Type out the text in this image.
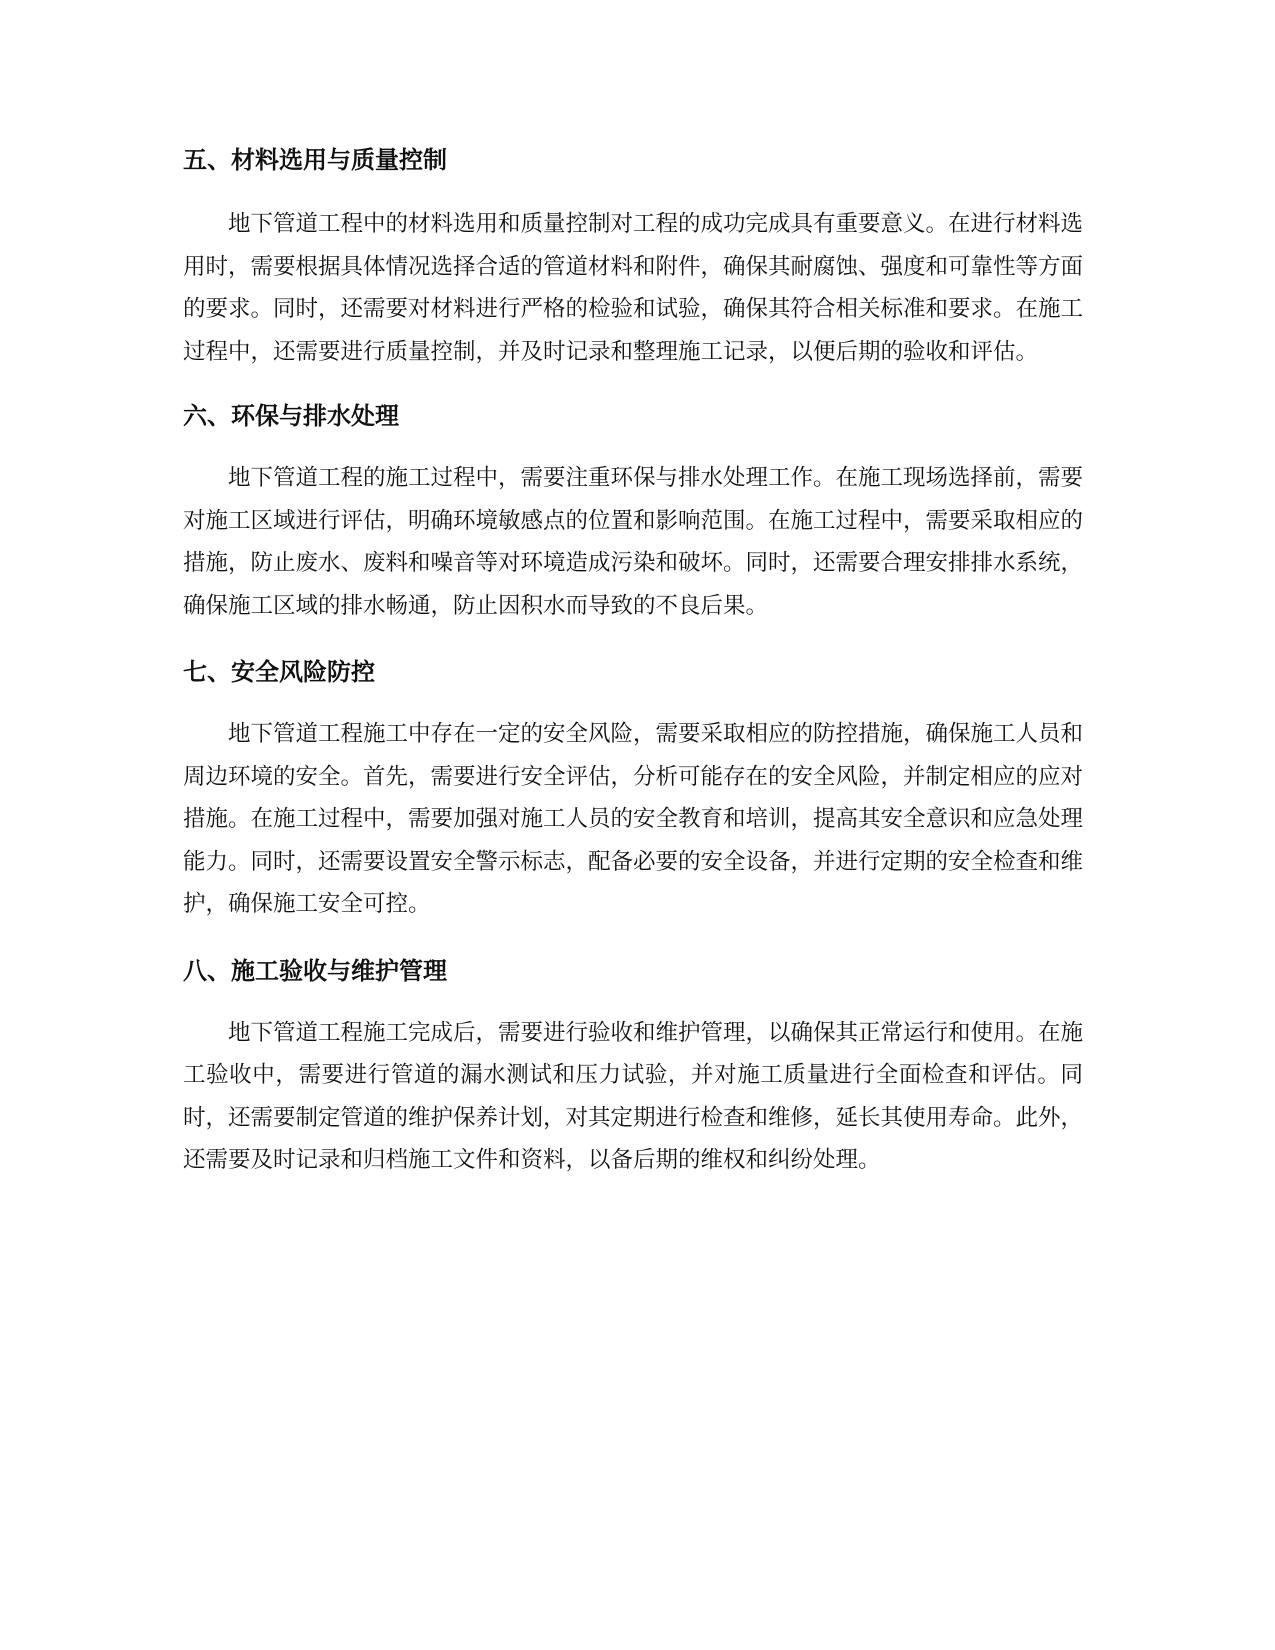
五、材料选用与质量控制

地下管道工程中的材料选用和质量控制对工程的成功完成具有重要意义。在进行材料选用时，需要根据具体情况选择合适的管道材料和附件，确保其耐腐蚀、强度和可靠性等方面的要求。同时，还需要对材料进行严格的检验和试验，确保其符合相关标准和要求。在施工过程中，还需要进行质量控制，并及时记录和整理施工记录，以便后期的验收和评估。

六、环保与排水处理

地下管道工程的施工过程中，需要注重环保与排水处理工作。在施工现场选择前，需要对施工区域进行评估，明确环境敏感点的位置和影响范围。在施工过程中，需要采取相应的措施，防止废水、废料和噪音等对环境造成污染和破坏。同时，还需要合理安排排水系统，确保施工区域的排水畅通，防止因积水而导致的不良后果。

七、安全风险防控

地下管道工程施工中存在一定的安全风险，需要采取相应的防控措施，确保施工人员和周边环境的安全。首先，需要进行安全评估，分析可能存在的安全风险，并制定相应的应对措施。在施工过程中，需要加强对施工人员的安全教育和培训，提高其安全意识和应急处理能力。同时，还需要设置安全警示标志，配备必要的安全设备，并进行定期的安全检查和维护，确保施工安全可控。

八、施工验收与维护管理

地下管道工程施工完成后，需要进行验收和维护管理，以确保其正常运行和使用。在施工验收中，需要进行管道的漏水测试和压力试验，并对施工质量进行全面检查和评估。同时，还需要制定管道的维护保养计划，对其定期进行检查和维修，延长其使用寿命。此外，还需要及时记录和归档施工文件和资料，以备后期的维权和纠纷处理。
